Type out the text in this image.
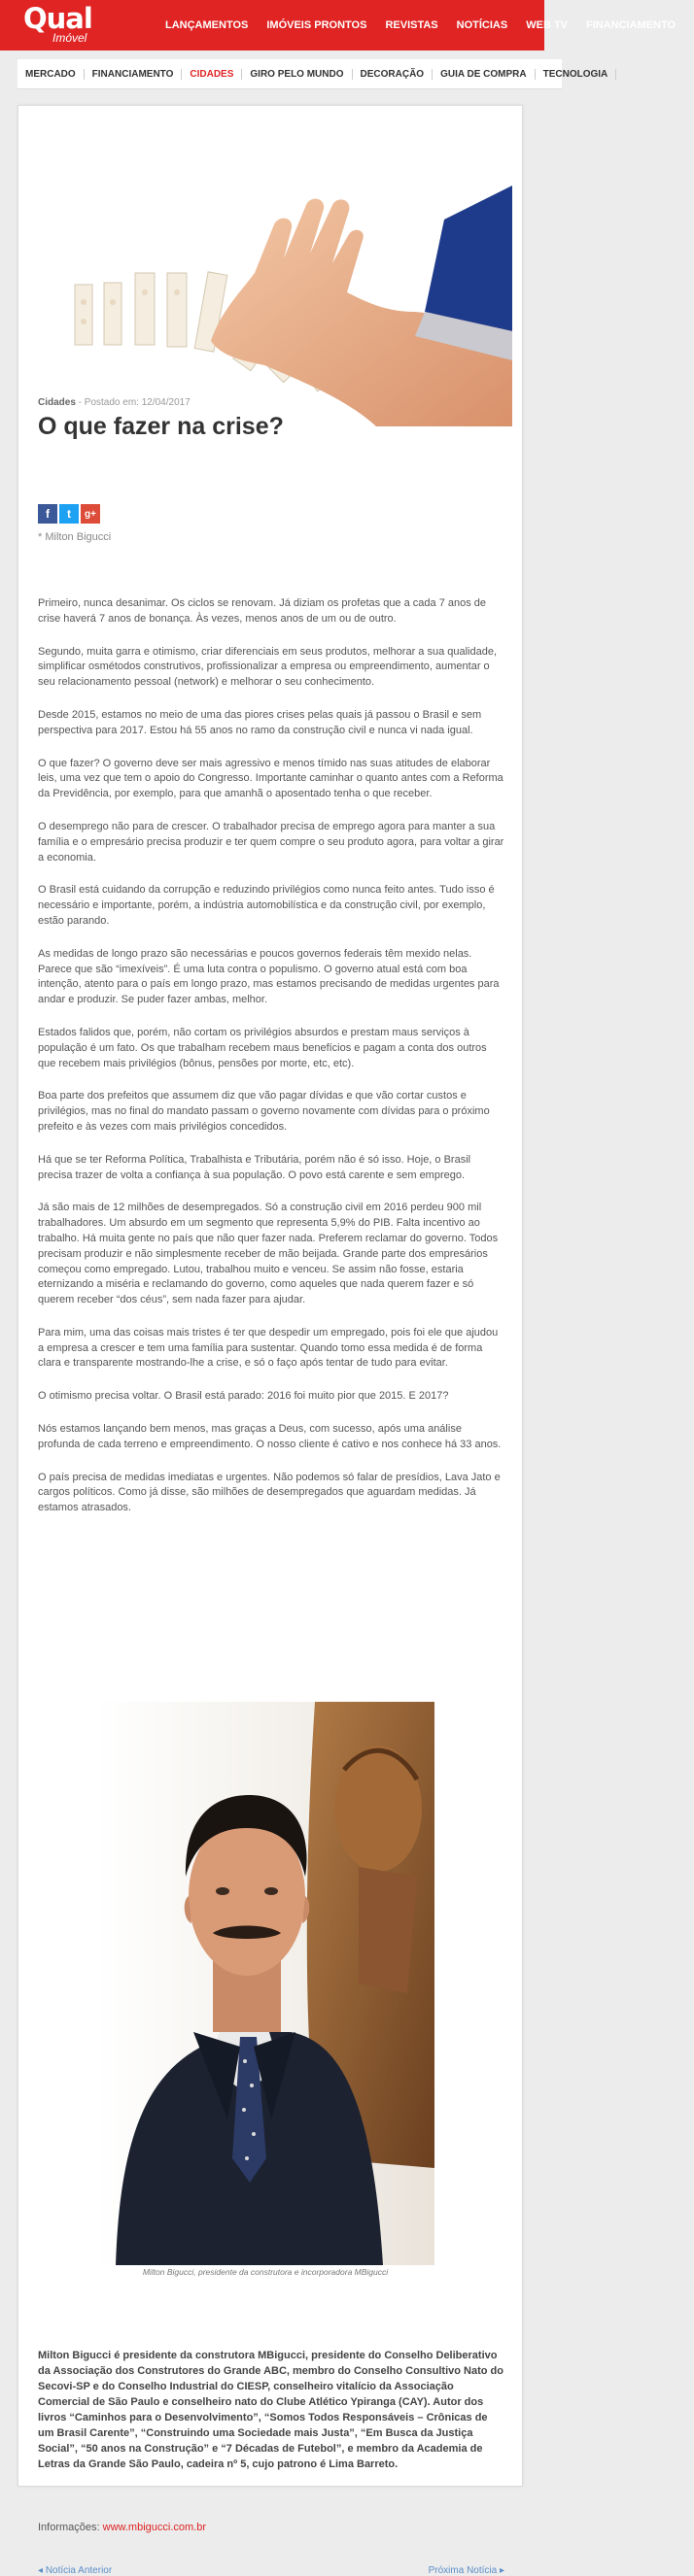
Qual
Imóvel
LANÇAMENTOS IMÓVEIS PRONTOS REVISTAS NOTÍCIAS WEB TV FINANCIAMENTO
MERCADO	FINANCIAMENTO	CIDADES	GIRO PELO MUNDO	DECORAÇÃO	GUIA DE COMPRA	TECNOLOGIA
Cidades - Postado em: 12/04/2017
O que fazer na crise?
f	t	g+
* Milton Bigucci

Primeiro, nunca desanimar. Os ciclos se renovam. Já diziam os profetas que a cada 7 anos de crise haverá 7 anos de bonança. Às vezes, menos anos de um ou de outro.

Segundo, muita garra e otimismo, criar diferenciais em seus produtos, melhorar a sua qualidade, simplificar osmétodos construtivos, profissionalizar a empresa ou empreendimento, aumentar o seu relacionamento pessoal (network) e melhorar o seu conhecimento.

Desde 2015, estamos no meio de uma das piores crises pelas quais já passou o Brasil e sem perspectiva para 2017. Estou há 55 anos no ramo da construção civil e nunca vi nada igual.

O que fazer? O governo deve ser mais agressivo e menos tímido nas suas atitudes de elaborar leis, uma vez que tem o apoio do Congresso. Importante caminhar o quanto antes com a Reforma da Previdência, por exemplo, para que amanhã o aposentado tenha o que receber.

O desemprego não para de crescer. O trabalhador precisa de emprego agora para manter a sua família e o empresário precisa produzir e ter quem compre o seu produto agora, para voltar a girar a economia.

O Brasil está cuidando da corrupção e reduzindo privilégios como nunca feito antes. Tudo isso é necessário e importante, porém, a indústria automobilística e da construção civil, por exemplo, estão parando.

As medidas de longo prazo são necessárias e poucos governos federais têm mexido nelas. Parece que são “imexíveis”. É uma luta contra o populismo. O governo atual está com boa intenção, atento para o país em longo prazo, mas estamos precisando de medidas urgentes para andar e produzir. Se puder fazer ambas, melhor.

Estados falidos que, porém, não cortam os privilégios absurdos e prestam maus serviços à população é um fato. Os que trabalham recebem maus benefícios e pagam a conta dos outros que recebem mais privilégios (bônus, pensões por morte, etc, etc).

Boa parte dos prefeitos que assumem diz que vão pagar dívidas e que vão cortar custos e privilégios, mas no final do mandato passam o governo novamente com dívidas para o próximo prefeito e às vezes com mais privilégios concedidos.

Há que se ter Reforma Política, Trabalhista e Tributária, porém não é só isso. Hoje, o Brasil precisa trazer de volta a confiança à sua população. O povo está carente e sem emprego.

Já são mais de 12 milhões de desempregados. Só a construção civil em 2016 perdeu 900 mil trabalhadores. Um absurdo em um segmento que representa 5,9% do PIB. Falta incentivo ao trabalho. Há muita gente no país que não quer fazer nada. Preferem reclamar do governo. Todos precisam produzir e não simplesmente receber de mão beijada. Grande parte dos empresários começou como empregado. Lutou, trabalhou muito e venceu. Se assim não fosse, estaria eternizando a miséria e reclamando do governo, como aqueles que nada querem fazer e só querem receber “dos céus”, sem nada fazer para ajudar.

Para mim, uma das coisas mais tristes é ter que despedir um empregado, pois foi ele que ajudou a empresa a crescer e tem uma família para sustentar. Quando tomo essa medida é de forma clara e transparente mostrando-lhe a crise, e só o faço após tentar de tudo para evitar.

O otimismo precisa voltar. O Brasil está parado: 2016 foi muito pior que 2015. E 2017?

Nós estamos lançando bem menos, mas graças a Deus, com sucesso, após uma análise profunda de cada terreno e empreendimento. O nosso cliente é cativo e nos conhece há 33 anos.

O país precisa de medidas imediatas e urgentes. Não podemos só falar de presídios, Lava Jato e cargos políticos. Como já disse, são milhões de desempregados que aguardam medidas. Já estamos atrasados.

Milton Bigucci, presidente da construtora e incorporadora MBigucci
Milton Bigucci é presidente da construtora MBigucci, presidente do Conselho Deliberativo da Associação dos Construtores do Grande ABC, membro do Conselho Consultivo Nato do Secovi-SP e do Conselho Industrial do CIESP, conselheiro vitalício da Associação Comercial de São Paulo e conselheiro nato do Clube Atlético Ypiranga (CAY). Autor dos livros “Caminhos para o Desenvolvimento”, “Somos Todos Responsáveis – Crônicas de um Brasil Carente”, “Construindo uma Sociedade mais Justa”, “Em Busca da Justiça Social”, “50 anos na Construção” e “7 Décadas de Futebol”, e membro da Academia de Letras da Grande São Paulo, cadeira nº 5, cujo patrono é Lima Barreto.
Informações: www.mbigucci.com.br
◂ Notícia Anterior	Próxima Notícia ▸
